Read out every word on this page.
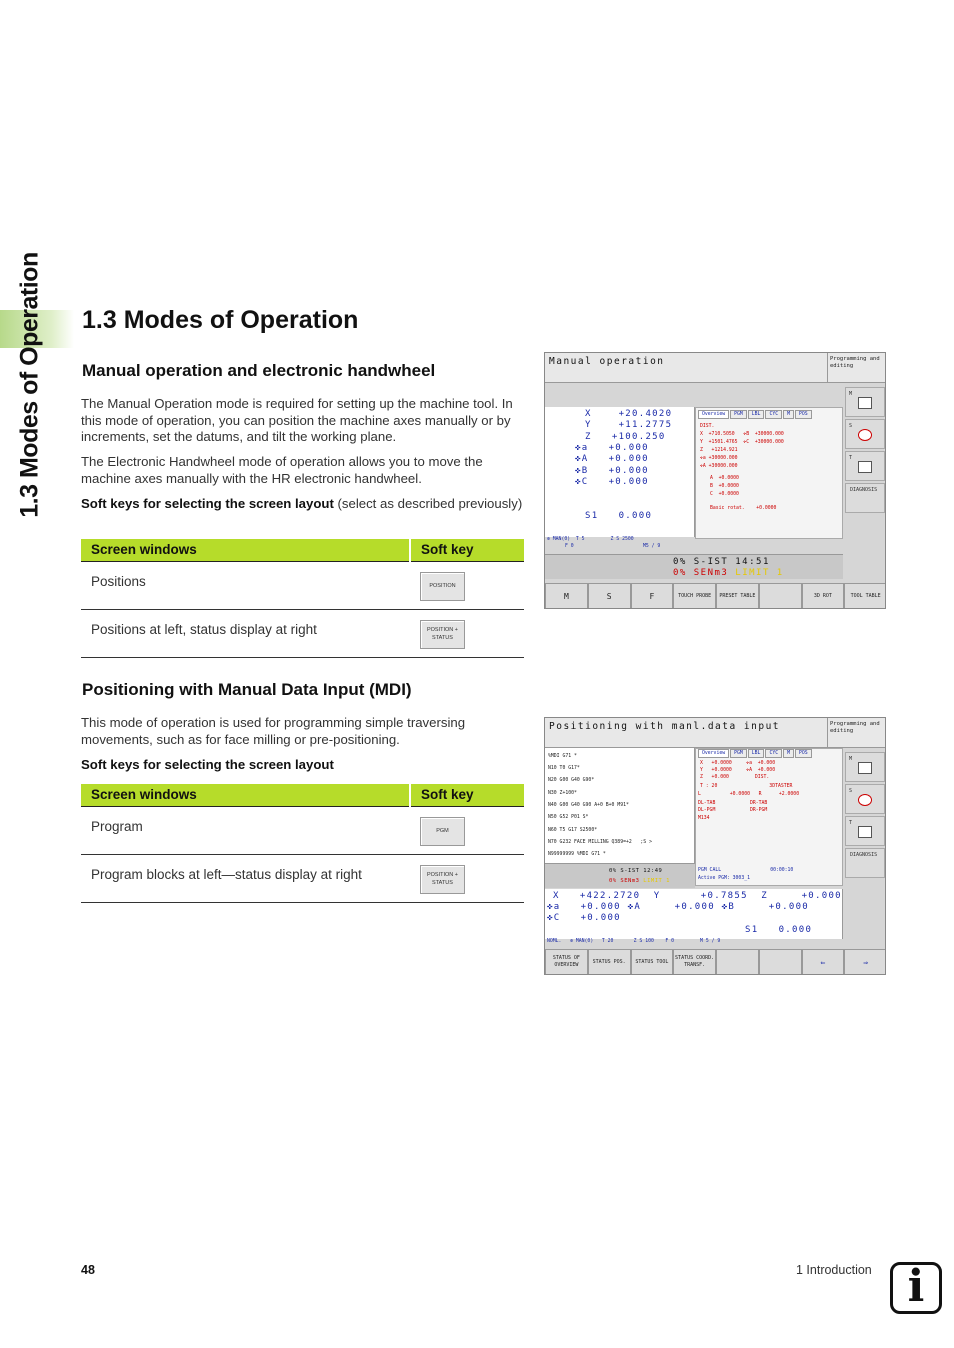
1.3 Modes of Operation 1.3 Modes of Operation
Manual operation and electronic handwheel

The Manual Operation mode is required for setting up the machine tool. In this mode of operation, you can position the machine axes manually or by increments, set the datums, and tilt the working plane.

The Electronic Handwheel mode of operation allows you to move the machine axes manually with the HR electronic handwheel.

Soft keys for selecting the screen layout (select as described previously)

Screen windows	Soft key
Positions	POSITION

Positions at left, status display at right	POSITION + STATUS
Positioning with Manual Data Input (MDI)

This mode of operation is used for programming simple traversing movements, such as for face milling or pre-positioning.

Soft keys for selecting the screen layout

Screen windows	Soft key
Program	PGM

Program blocks at left—status display at right	POSITION + STATUS
Manual operation	Programming and editing
X    +20.4020
Y    +11.2775
Z   +100.250
✜a   +0.000
✜A   +0.000
✜B   +0.000
✜C   +0.000
S1   0.000
Overview	PGM	LBL	CYC	M	POS
DIST.
X  +710.5050   ✜B  +30000.000
Y  +1501.4765  ✜C  +30000.000
Z   +1214.921
✜a +30000.000
✜A +30000.000
A  +0.0000
B  +0.0000
C  +0.0000
Basic rotat.    +0.0000
⊕ MAN(0)  T 5         Z S 2500
F 0                        M5 / 9
0% S-IST 14:51
0% SENm3 LIMIT 1
M
S
T
DIAGNOSIS
M	S	F	TOUCH PROBE	PRESET TABLE	3D ROT	TOOL TABLE
Positioning with manl.data input	Programming and editing
%MDI G71 *
N10 T0 G17*
N20 G00 G40 G90*
N30 Z+100*
N40 G00 G40 G90 A+0 B+0 M91*
N50 G52 P01 S*
N60 T5 G17 S2500*
N70 G232 FACE MILLING Q389=+2   ;S >
N99999999 %MDI G71 *
Overview	PGM	LBL	CYC	M	POS
X   +0.0000     ✜a  +0.000
Y   +0.0000     ✜A  +0.000
Z   +0.000         DIST.
T : 20                  3DTASTER
L          +0.0000   R      +2.0000
DL-TAB            DR-TAB
DL-PGM            DR-PGM
M134
PGM CALL                 00:00:10
Active PGM: 3003_1
0% S-IST 12:49
0% SENm3 LIMIT 1
X   +422.2720  Y      +0.7855  Z     +0.000
✜a   +0.000 ✜A     +0.000 ✜B     +0.000
✜C   +0.000
S1   0.000
NOML.   ⊕ MAN(0)   T 20       Z S 100    F 0         M 5 / 9
M
S
T
DIAGNOSIS
STATUS OF OVERVIEW
STATUS POS.	STATUS TOOL
STATUS COORD. TRANSF.	⇐	⇒
48	1 Introduction i
